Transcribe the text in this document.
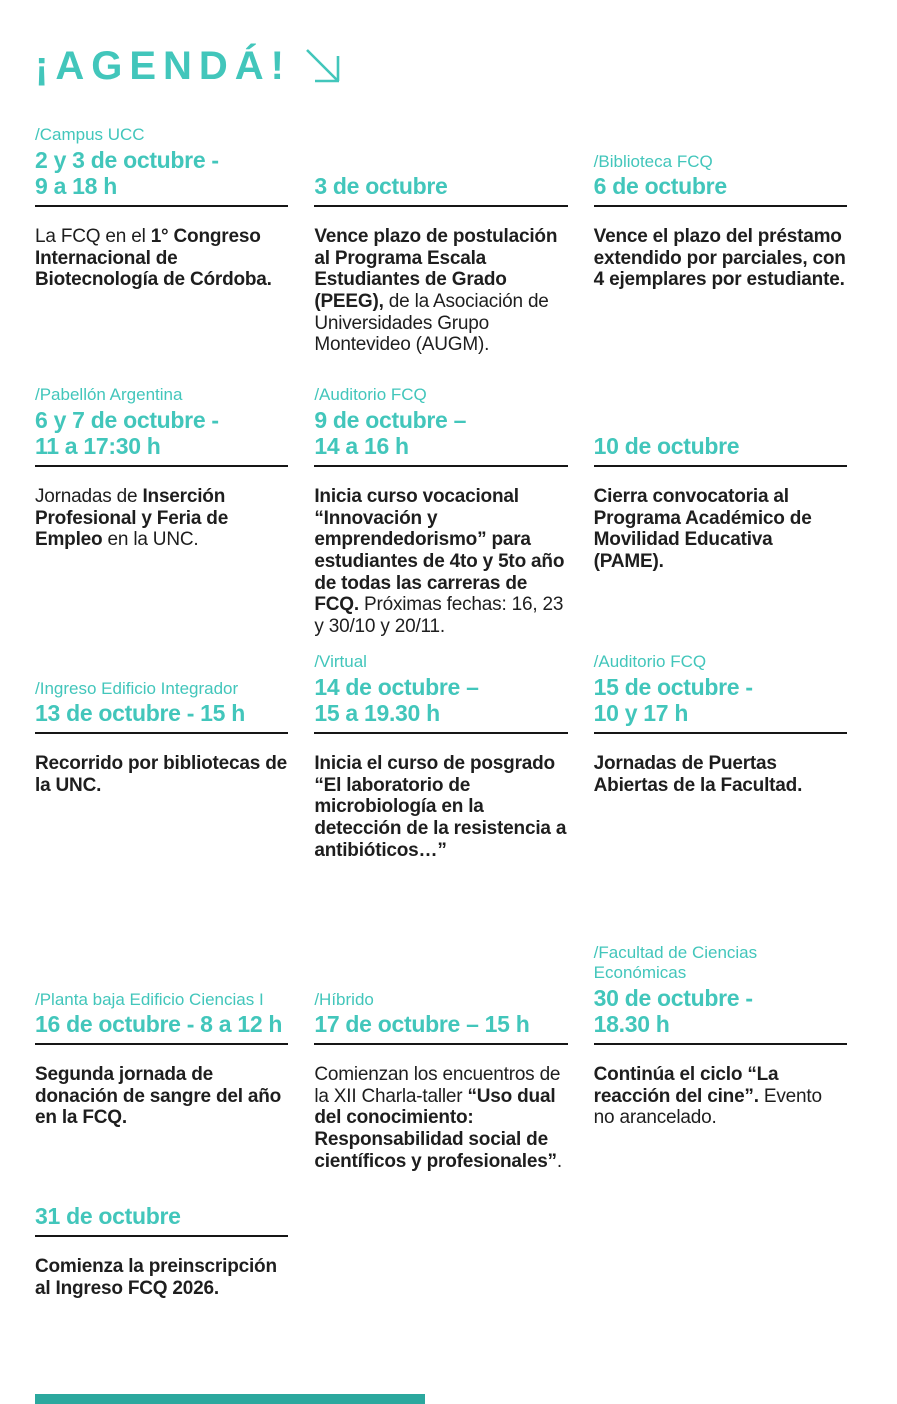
¡AGENDÁ!

/Campus UCC

2 y 3 de octubre -
9 a 18 h

La FCQ en el 1° Congreso Internacional de Biotecnología de Córdoba.

3 de octubre

Vence plazo de postulación al Programa Escala Estudiantes de Grado (PEEG), de la Asociación de Universidades Grupo Montevideo (AUGM).

/Biblioteca FCQ

6 de octubre

Vence el plazo del préstamo extendido por parciales, con 4 ejemplares por estudiante.

/Pabellón Argentina

6 y 7 de octubre -
11 a 17:30 h

Jornadas de Inserción Profesional y Feria de Empleo en la UNC.

/Auditorio FCQ

9 de octubre –
14 a 16 h

Inicia curso vocacional “Innovación y emprendedorismo” para estudiantes de 4to y 5to año de todas las carreras de FCQ. Próximas fechas: 16, 23 y 30/10 y 20/11.

10 de octubre

Cierra convocatoria al Programa Académico de Movilidad Educativa (PAME).

/Ingreso Edificio Integrador

13 de octubre - 15 h

Recorrido por bibliotecas de la UNC.

/Virtual

14 de octubre –
15 a 19.30 h

Inicia el curso de posgrado “El laboratorio de microbiología en la detección de la resistencia a antibióticos…”

/Auditorio FCQ

15 de octubre -
10 y 17 h

Jornadas de Puertas Abiertas de la Facultad.

/Planta baja Edificio Ciencias I

16 de octubre - 8 a 12 h

Segunda jornada de donación de sangre del año en la FCQ.

/Híbrido

17 de octubre – 15 h

Comienzan los encuentros de la XII Charla-taller “Uso dual del conocimiento: Responsabilidad social de científicos y profesionales”.

/Facultad de Ciencias Económicas

30 de octubre -
18.30 h

Continúa el ciclo “La reacción del cine”. Evento no arancelado.

31 de octubre

Comienza la preinscripción al Ingreso FCQ 2026.
